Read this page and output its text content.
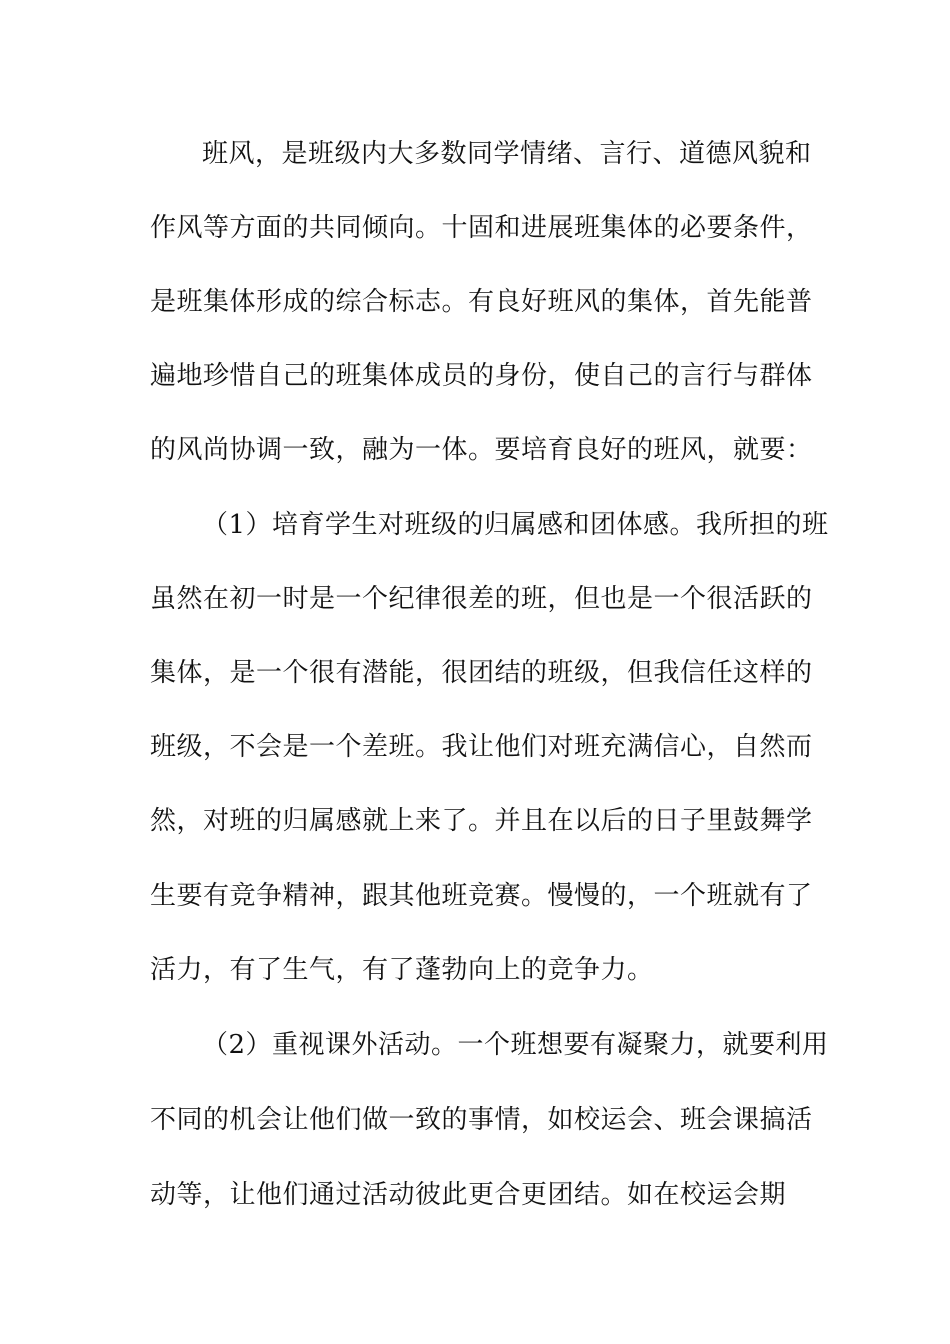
班风，是班级内大多数同学情绪、言行、道德风貌和
作风等方面的共同倾向。十固和进展班集体的必要条件，
是班集体形成的综合标志。有良好班风的集体，首先能普
遍地珍惜自己的班集体成员的身份，使自己的言行与群体
的风尚协调一致，融为一体。要培育良好的班风，就要：
（1）培育学生对班级的归属感和团体感。我所担的班
虽然在初一时是一个纪律很差的班，但也是一个很活跃的
集体，是一个很有潜能，很团结的班级，但我信任这样的
班级，不会是一个差班。我让他们对班充满信心，自然而
然，对班的归属感就上来了。并且在以后的日子里鼓舞学
生要有竞争精神，跟其他班竞赛。慢慢的，一个班就有了
活力，有了生气，有了蓬勃向上的竞争力。
（2）重视课外活动。一个班想要有凝聚力，就要利用
不同的机会让他们做一致的事情，如校运会、班会课搞活
动等，让他们通过活动彼此更合更团结。如在校运会期
